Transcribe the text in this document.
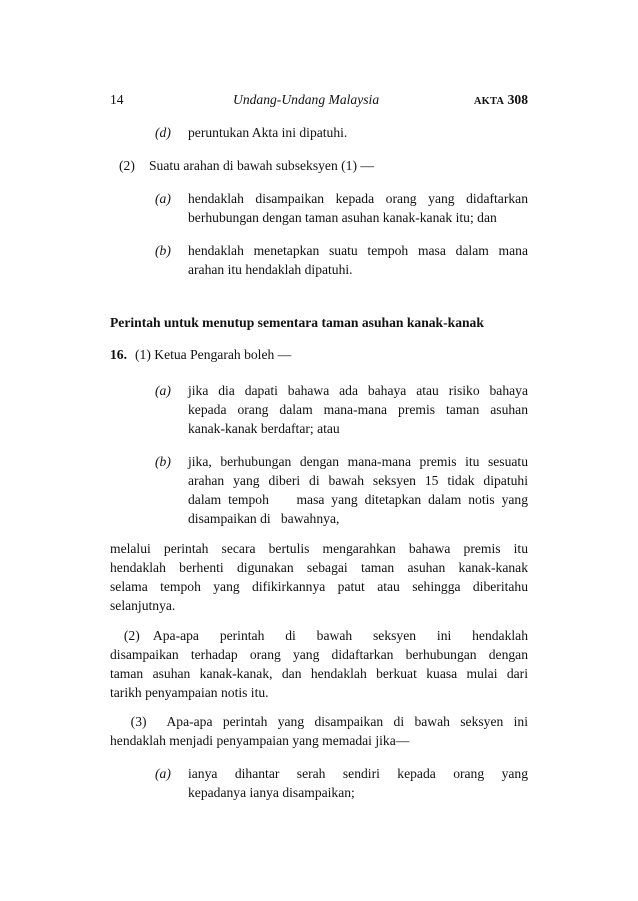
14	Undang-Undang Malaysia	AKTA 308
(d) peruntukan Akta ini dipatuhi.
(2) Suatu arahan di bawah subseksyen (1) —
(a) hendaklah disampaikan kepada orang yang didaftarkan
berhubungan dengan taman asuhan kanak-kanak itu; dan
(b) hendaklah menetapkan suatu tempoh masa dalam mana
arahan itu hendaklah dipatuhi.
Perintah untuk menutup sementara taman asuhan kanak-kanak
16. (1) Ketua Pengarah boleh —
(a) jika dia dapati bahawa ada bahaya atau risiko bahaya
kepada orang dalam mana-mana premis taman asuhan
kanak-kanak berdaftar; atau
(b) jika, berhubungan dengan mana-mana premis itu sesuatu
arahan yang diberi di bawah seksyen 15 tidak dipatuhi
dalam tempoh    masa yang ditetapkan dalam notis yang
disampaikan di   bawahnya,
melalui perintah secara bertulis mengarahkan bahawa premis itu
hendaklah berhenti digunakan sebagai taman asuhan kanak-kanak
selama tempoh yang difikirkannya patut atau sehingga diberitahu
selanjutnya.
(2)  Apa-apa   perintah   di   bawah   seksyen   ini   hendaklah
disampaikan terhadap orang yang didaftarkan berhubungan dengan
taman asuhan kanak-kanak, dan hendaklah berkuat kuasa mulai dari
tarikh penyampaian notis itu.
(3)  Apa-apa perintah yang disampaikan di bawah seksyen ini
hendaklah menjadi penyampaian yang memadai jika—
(a) ianya dihantar serah sendiri kepada orang yang
kepadanya ianya disampaikan;
